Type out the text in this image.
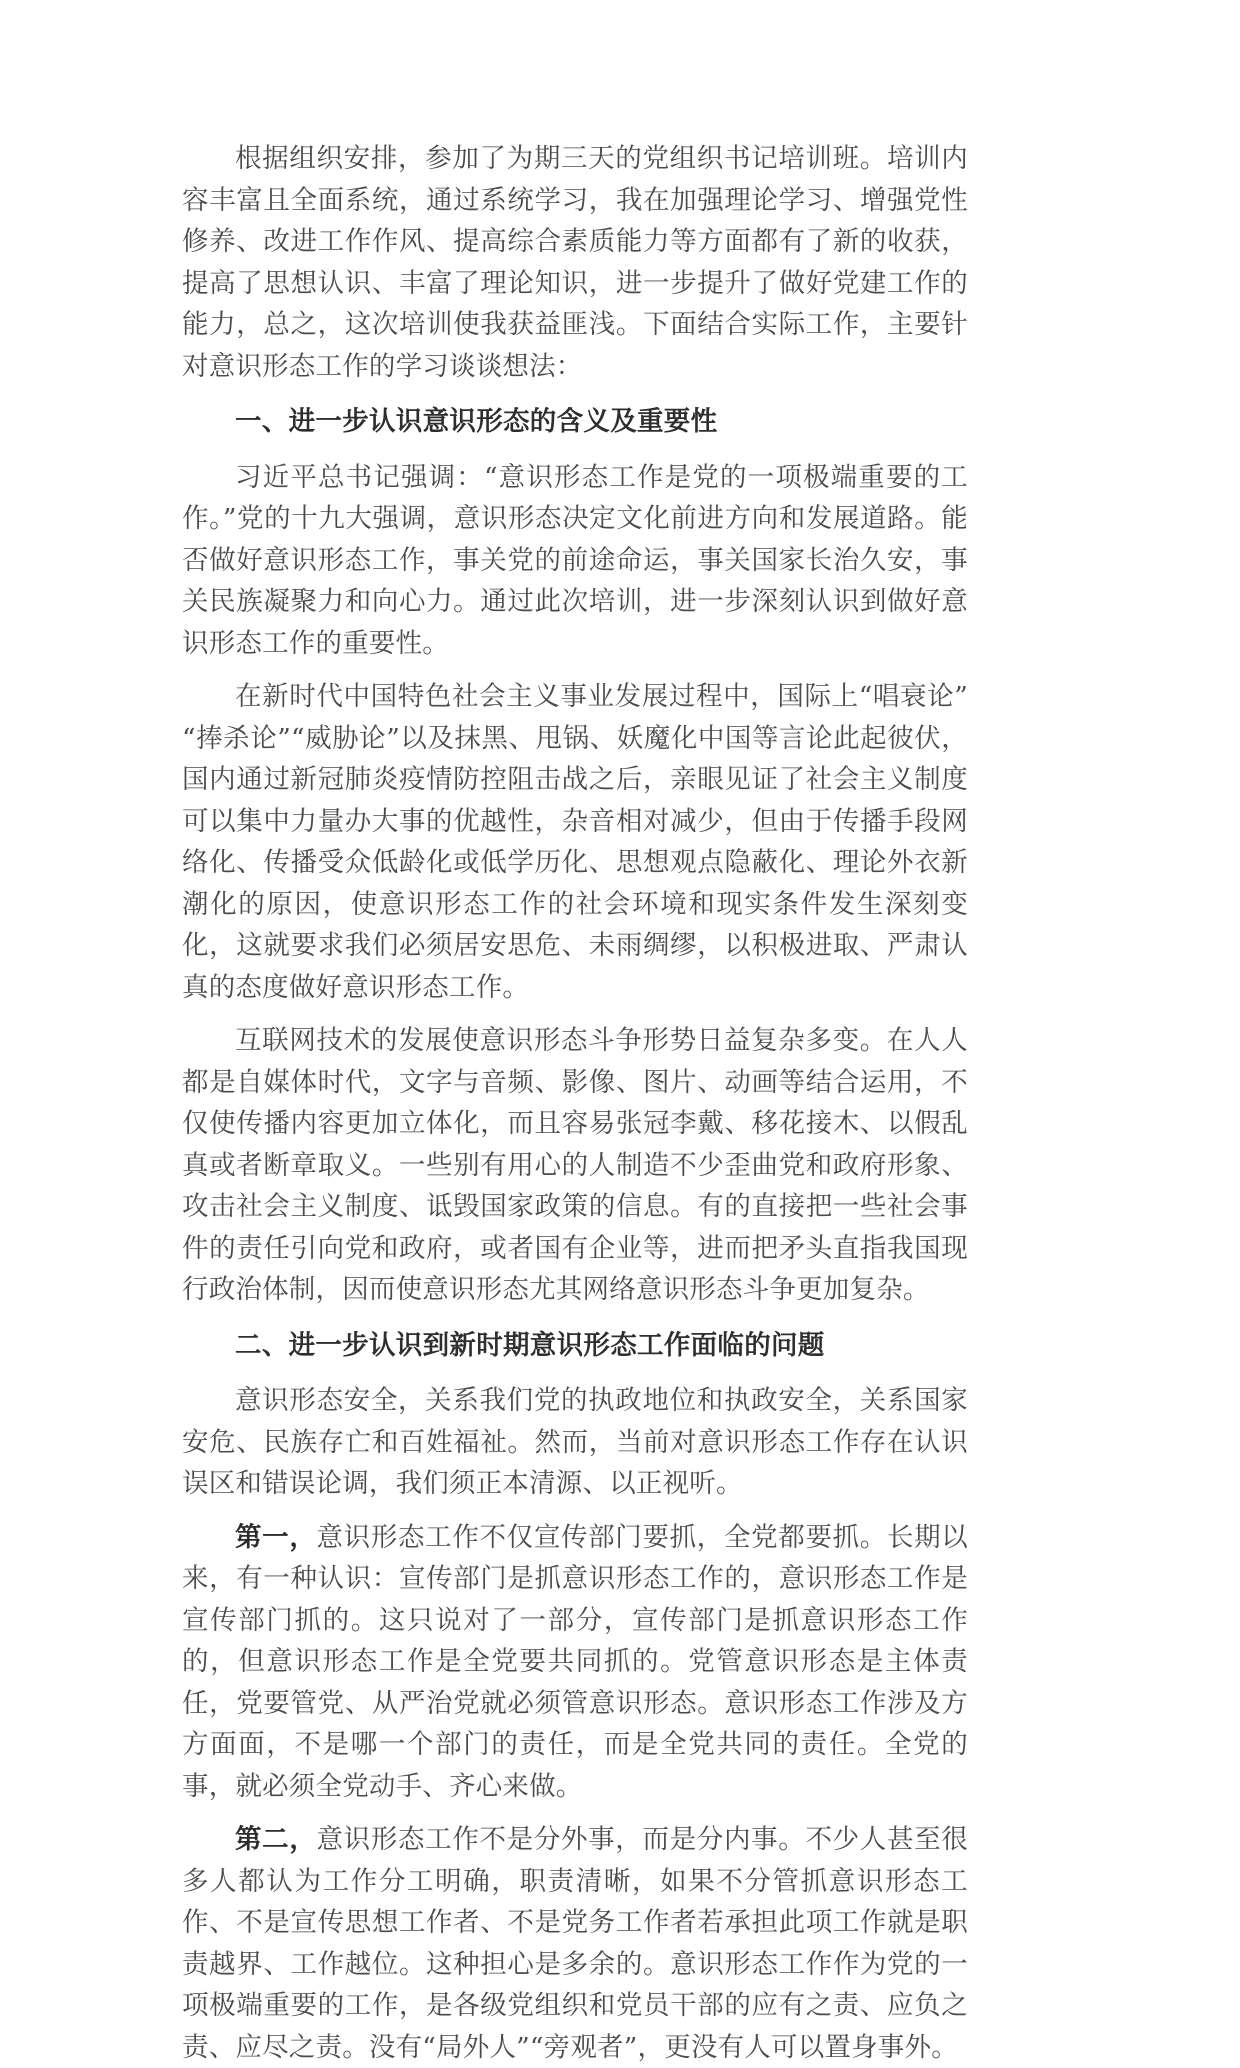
根据组织安排，参加了为期三天的党组织书记培训班。培训内容丰富且全面系统，通过系统学习，我在加强理论学习、增强党性修养、改进工作作风、提高综合素质能力等方面都有了新的收获，提高了思想认识、丰富了理论知识，进一步提升了做好党建工作的能力，总之，这次培训使我获益匪浅。下面结合实际工作，主要针对意识形态工作的学习谈谈想法：

一、进一步认识意识形态的含义及重要性

习近平总书记强调：“意识形态工作是党的一项极端重要的工作。”党的十九大强调，意识形态决定文化前进方向和发展道路。能否做好意识形态工作，事关党的前途命运，事关国家长治久安，事关民族凝聚力和向心力。通过此次培训，进一步深刻认识到做好意识形态工作的重要性。

在新时代中国特色社会主义事业发展过程中，国际上“唱衰论”“捧杀论”“威胁论”以及抹黑、甩锅、妖魔化中国等言论此起彼伏，国内通过新冠肺炎疫情防控阻击战之后，亲眼见证了社会主义制度可以集中力量办大事的优越性，杂音相对减少，但由于传播手段网络化、传播受众低龄化或低学历化、思想观点隐蔽化、理论外衣新潮化的原因，使意识形态工作的社会环境和现实条件发生深刻变化，这就要求我们必须居安思危、未雨绸缪，以积极进取、严肃认真的态度做好意识形态工作。

互联网技术的发展使意识形态斗争形势日益复杂多变。在人人都是自媒体时代，文字与音频、影像、图片、动画等结合运用，不仅使传播内容更加立体化，而且容易张冠李戴、移花接木、以假乱真或者断章取义。一些别有用心的人制造不少歪曲党和政府形象、攻击社会主义制度、诋毁国家政策的信息。有的直接把一些社会事件的责任引向党和政府，或者国有企业等，进而把矛头直指我国现行政治体制，因而使意识形态尤其网络意识形态斗争更加复杂。

二、进一步认识到新时期意识形态工作面临的问题

意识形态安全，关系我们党的执政地位和执政安全，关系国家安危、民族存亡和百姓福祉。然而，当前对意识形态工作存在认识误区和错误论调，我们须正本清源、以正视听。

第一，意识形态工作不仅宣传部门要抓，全党都要抓。长期以来，有一种认识：宣传部门是抓意识形态工作的，意识形态工作是宣传部门抓的。这只说对了一部分，宣传部门是抓意识形态工作的，但意识形态工作是全党要共同抓的。党管意识形态是主体责任，党要管党、从严治党就必须管意识形态。意识形态工作涉及方方面面，不是哪一个部门的责任，而是全党共同的责任。全党的事，就必须全党动手、齐心来做。

第二，意识形态工作不是分外事，而是分内事。不少人甚至很多人都认为工作分工明确，职责清晰，如果不分管抓意识形态工作、不是宣传思想工作者、不是党务工作者若承担此项工作就是职责越界、工作越位。这种担心是多余的。意识形态工作作为党的一项极端重要的工作，是各级党组织和党员干部的应有之责、应负之责、应尽之责。没有“局外人”“旁观者”，更没有人可以置身事外。
